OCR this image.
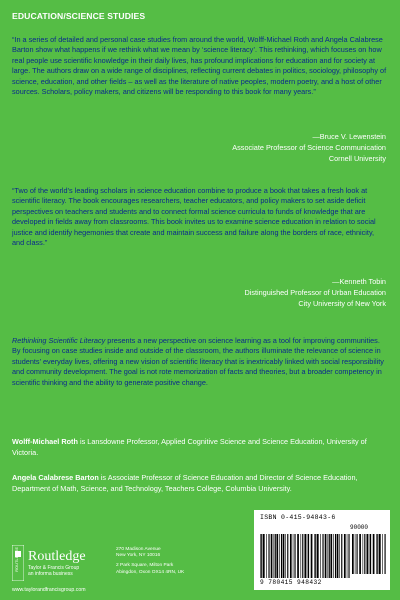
EDUCATION/SCIENCE STUDIES
“In a series of detailed and personal case studies from around the world, Wolff-Michael Roth and Angela Calabrese Barton show what happens if we rethink what we mean by ‘science literacy’. This rethinking, which focuses on how real people use scientific knowledge in their daily lives, has profound implications for education and for society at large. The authors draw on a wide range of disciplines, reflecting current debates in politics, sociology, philosophy of science, education, and other fields – as well as the literature of native peoples, modern poetry, and a host of other sources. Scholars, policy makers, and citizens will be responding to this book for many years.”
—Bruce V. Lewenstein
Associate Professor of Science Communication
Cornell University
“Two of the world’s leading scholars in science education combine to produce a book that takes a fresh look at scientific literacy. The book encourages researchers, teacher educators, and policy makers to set aside deficit perspectives on teachers and students and to connect formal science curricula to funds of knowledge that are developed in fields away from classrooms. This book invites us to examine science education in relation to social justice and identify hegemonies that create and maintain success and failure along the borders of race, ethnicity, and class.”
—Kenneth Tobin
Distinguished Professor of Urban Education
City University of New York
Rethinking Scientific Literacy presents a new perspective on science learning as a tool for improving communities. By focusing on case studies inside and outside of the classroom, the authors illuminate the relevance of science in students’ everyday lives, offering a new vision of scientific literacy that is inextricably linked with social responsibility and community development. The goal is not rote memorization of facts and theories, but a broader competency in scientific thinking and the ability to generate positive change.
Wolff-Michael Roth is Lansdowne Professor, Applied Cognitive Science and Science Education, University of Victoria.
Angela Calabrese Barton is Associate Professor of Science Education and Director of Science Education, Department of Math, Science, and Technology, Teachers College, Columbia University.
ROUTLEDGE Routledge
Taylor & Francis Group
an informa business
270 Madison Avenue
New York, NY 10016
2 Park Square, Milton Park
Abingdon, Oxon OX14 4RN, UK
www.taylorandfrancisgroup.com
ISBN 0-415-94843-6
90000
9 780415 948432
